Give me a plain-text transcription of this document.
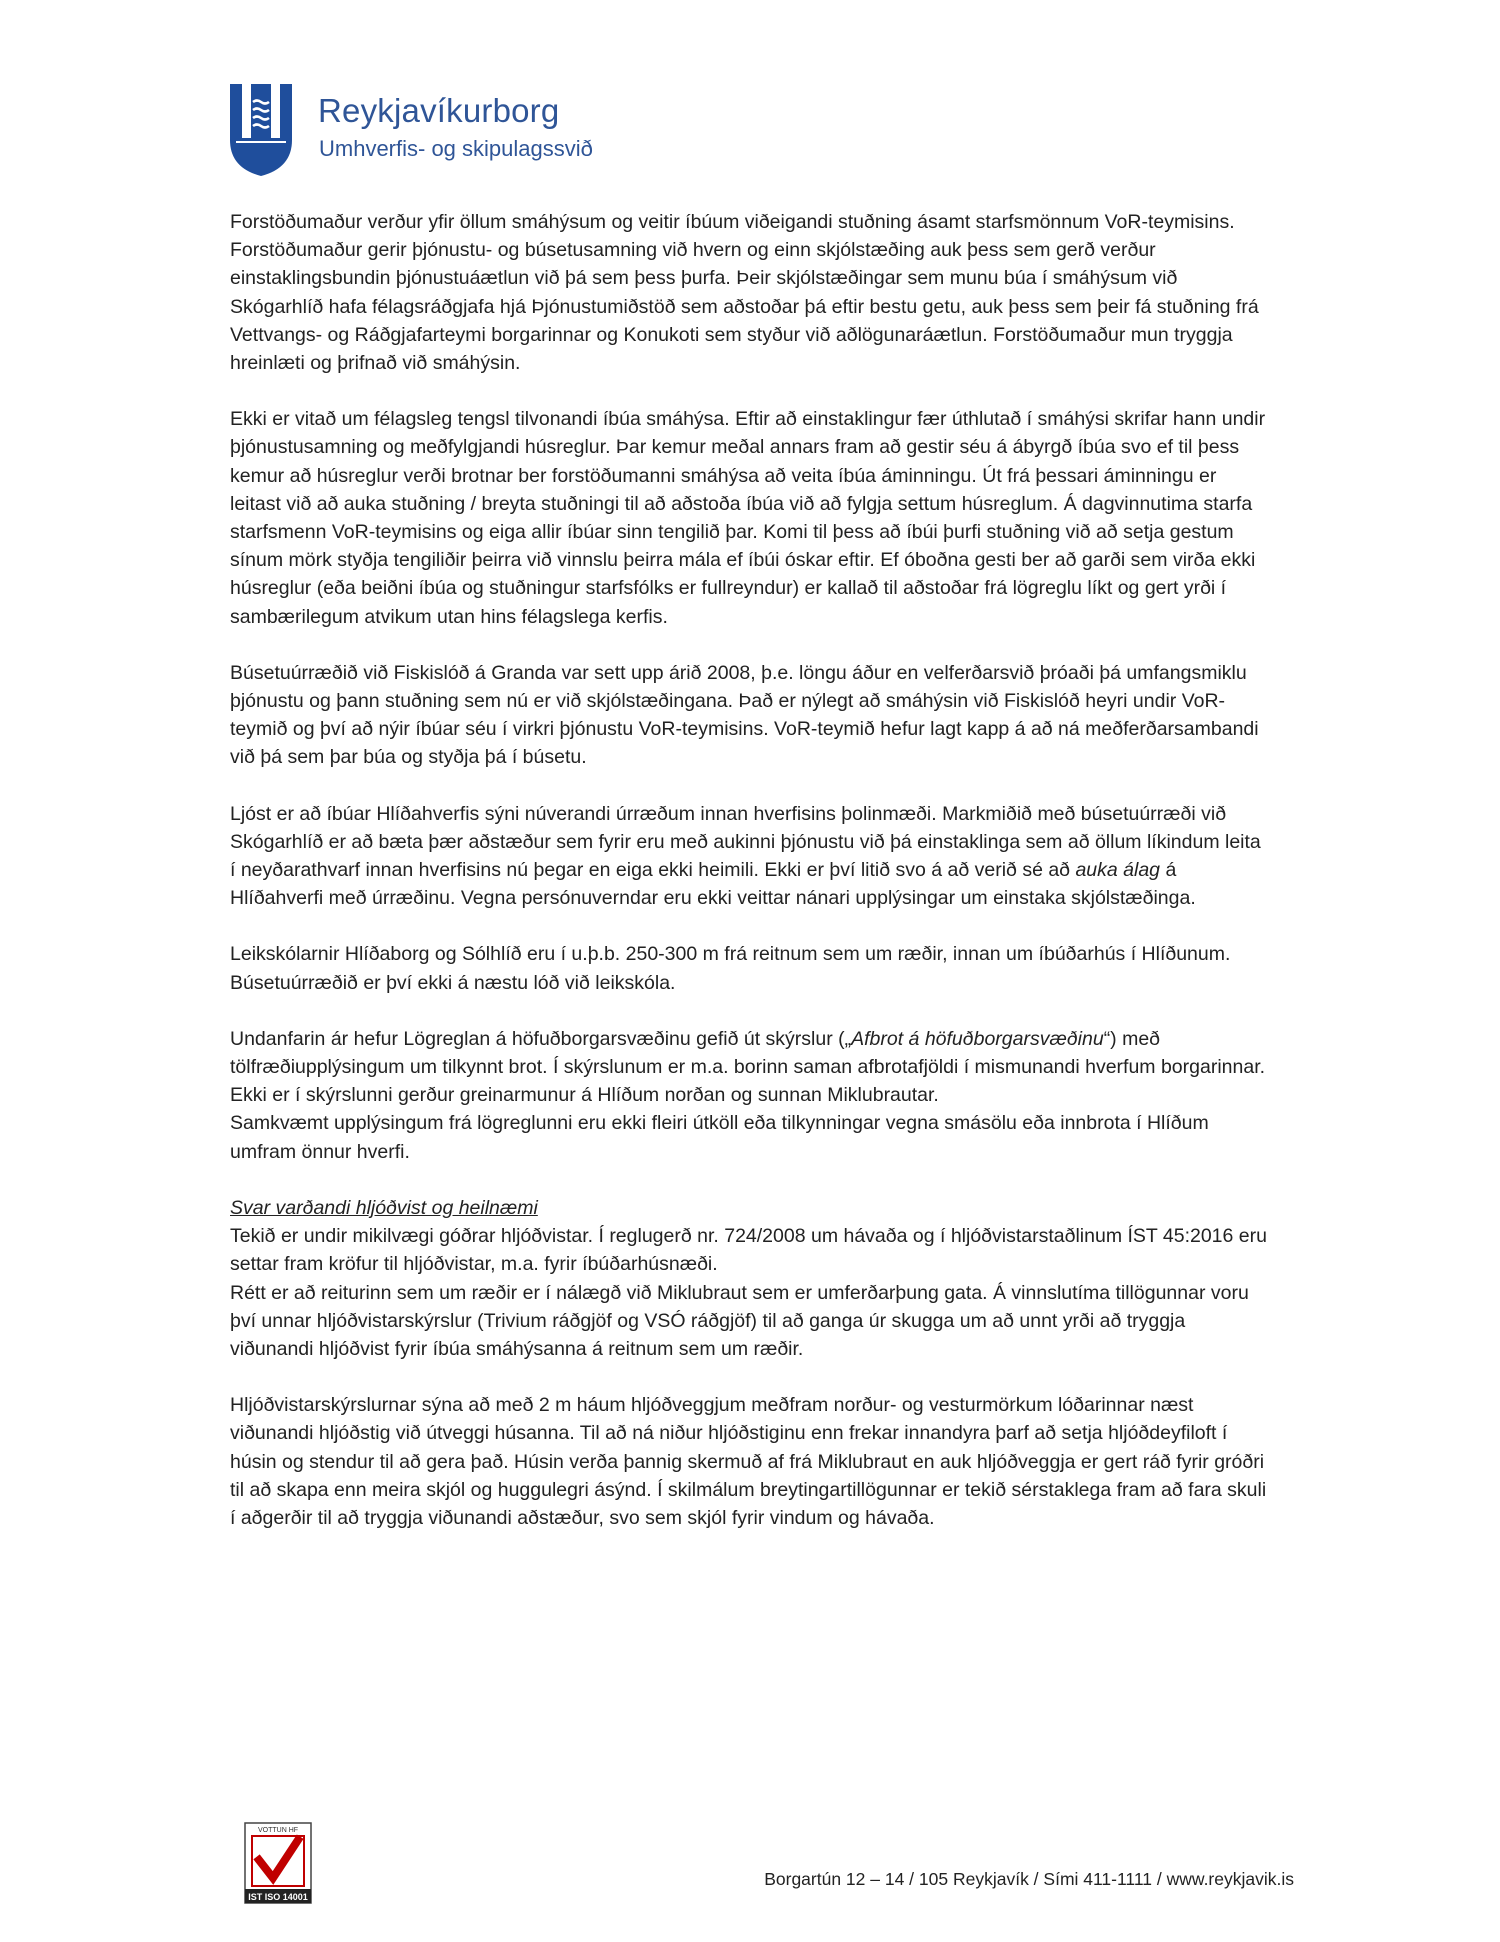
Reykjavíkurborg
Umhverfis- og skipulagssvið

Forstöðumaður verður yfir öllum smáhýsum og veitir íbúum viðeigandi stuðning ásamt starfsmönnum VoR-teymisins. Forstöðumaður gerir þjónustu- og búsetusamning við hvern og einn skjólstæðing auk þess sem gerð verður einstaklingsbundin þjónustuáætlun við þá sem þess þurfa. Þeir skjólstæðingar sem munu búa í smáhýsum við Skógarhlíð hafa félagsráðgjafa hjá Þjónustumiðstöð sem aðstoðar þá eftir bestu getu, auk þess sem þeir fá stuðning frá Vettvangs- og Ráðgjafarteymi borgarinnar og Konukoti sem styður við aðlögunaráætlun. Forstöðumaður mun tryggja hreinlæti og þrifnað við smáhýsin.

Ekki er vitað um félagsleg tengsl tilvonandi íbúa smáhýsa. Eftir að einstaklingur fær úthlutað í smáhýsi skrifar hann undir þjónustusamning og meðfylgjandi húsreglur. Þar kemur meðal annars fram að gestir séu á ábyrgð íbúa svo ef til þess kemur að húsreglur verði brotnar ber forstöðumanni smáhýsa að veita íbúa áminningu. Út frá þessari áminningu er leitast við að auka stuðning / breyta stuðningi til að aðstoða íbúa við að fylgja settum húsreglum. Á dagvinnutima starfa starfsmenn VoR-teymisins og eiga allir íbúar sinn tengilið þar. Komi til þess að íbúi þurfi stuðning við að setja gestum sínum mörk styðja tengiliðir þeirra við vinnslu þeirra mála ef íbúi óskar eftir. Ef óboðna gesti ber að garði sem virða ekki húsreglur (eða beiðni íbúa og stuðningur starfsfólks er fullreyndur) er kallað til aðstoðar frá lögreglu líkt og gert yrði í sambærilegum atvikum utan hins félagslega kerfis.

Búsetuúrræðið við Fiskislóð á Granda var sett upp árið 2008, þ.e. löngu áður en velferðarsvið þróaði þá umfangsmiklu þjónustu og þann stuðning sem nú er við skjólstæðingana. Það er nýlegt að smáhýsin við Fiskislóð heyri undir VoR-teymið og því að nýir íbúar séu í virkri þjónustu VoR-teymisins. VoR-teymið hefur lagt kapp á að ná meðferðarsambandi við þá sem þar búa og styðja þá í búsetu.

Ljóst er að íbúar Hlíðahverfis sýni núverandi úrræðum innan hverfisins þolinmæði. Markmiðið með búsetuúrræði við Skógarhlíð er að bæta þær aðstæður sem fyrir eru með aukinni þjónustu við þá einstaklinga sem að öllum líkindum leita í neyðarathvarf innan hverfisins nú þegar en eiga ekki heimili. Ekki er því litið svo á að verið sé að auka álag á Hlíðahverfi með úrræðinu. Vegna persónuverndar eru ekki veittar nánari upplýsingar um einstaka skjólstæðinga.

Leikskólarnir Hlíðaborg og Sólhlíð eru í u.þ.b. 250-300 m frá reitnum sem um ræðir, innan um íbúðarhús í Hlíðunum. Búsetuúrræðið er því ekki á næstu lóð við leikskóla.

Undanfarin ár hefur Lögreglan á höfuðborgarsvæðinu gefið út skýrslur („Afbrot á höfuðborgarsvæðinu“) með tölfræðiupplýsingum um tilkynnt brot. Í skýrslunum er m.a. borinn saman afbrotafjöldi í mismunandi hverfum borgarinnar. Ekki er í skýrslunni gerður greinarmunur á Hlíðum norðan og sunnan Miklubrautar.

Samkvæmt upplýsingum frá lögreglunni eru ekki fleiri útköll eða tilkynningar vegna smásölu eða innbrota í Hlíðum umfram önnur hverfi.

Svar varðandi hljóðvist og heilnæmi

Tekið er undir mikilvægi góðrar hljóðvistar. Í reglugerð nr. 724/2008 um hávaða og í hljóðvistarstaðlinum ÍST 45:2016 eru settar fram kröfur til hljóðvistar, m.a. fyrir íbúðarhúsnæði.

Rétt er að reiturinn sem um ræðir er í nálægð við Miklubraut sem er umferðarþung gata. Á vinnslutíma tillögunnar voru því unnar hljóðvistarskýrslur (Trivium ráðgjöf og VSÓ ráðgjöf) til að ganga úr skugga um að unnt yrði að tryggja viðunandi hljóðvist fyrir íbúa smáhýsanna á reitnum sem um ræðir.

Hljóðvistarskýrslurnar sýna að með 2 m háum hljóðveggjum meðfram norður- og vesturmörkum lóðarinnar næst viðunandi hljóðstig við útveggi húsanna. Til að ná niður hljóðstiginu enn frekar innandyra þarf að setja hljóðdeyfiloft í húsin og stendur til að gera það. Húsin verða þannig skermuð af frá Miklubraut en auk hljóðveggja er gert ráð fyrir gróðri til að skapa enn meira skjól og huggulegri ásýnd. Í skilmálum breytingartillögunnar er tekið sérstaklega fram að fara skuli í aðgerðir til að tryggja viðunandi aðstæður, svo sem skjól fyrir vindum og hávaða.

VOTTUN HF
IST ISO 14001
Borgartún 12 – 14 / 105 Reykjavík / Sími 411-1111 / www.reykjavik.is
